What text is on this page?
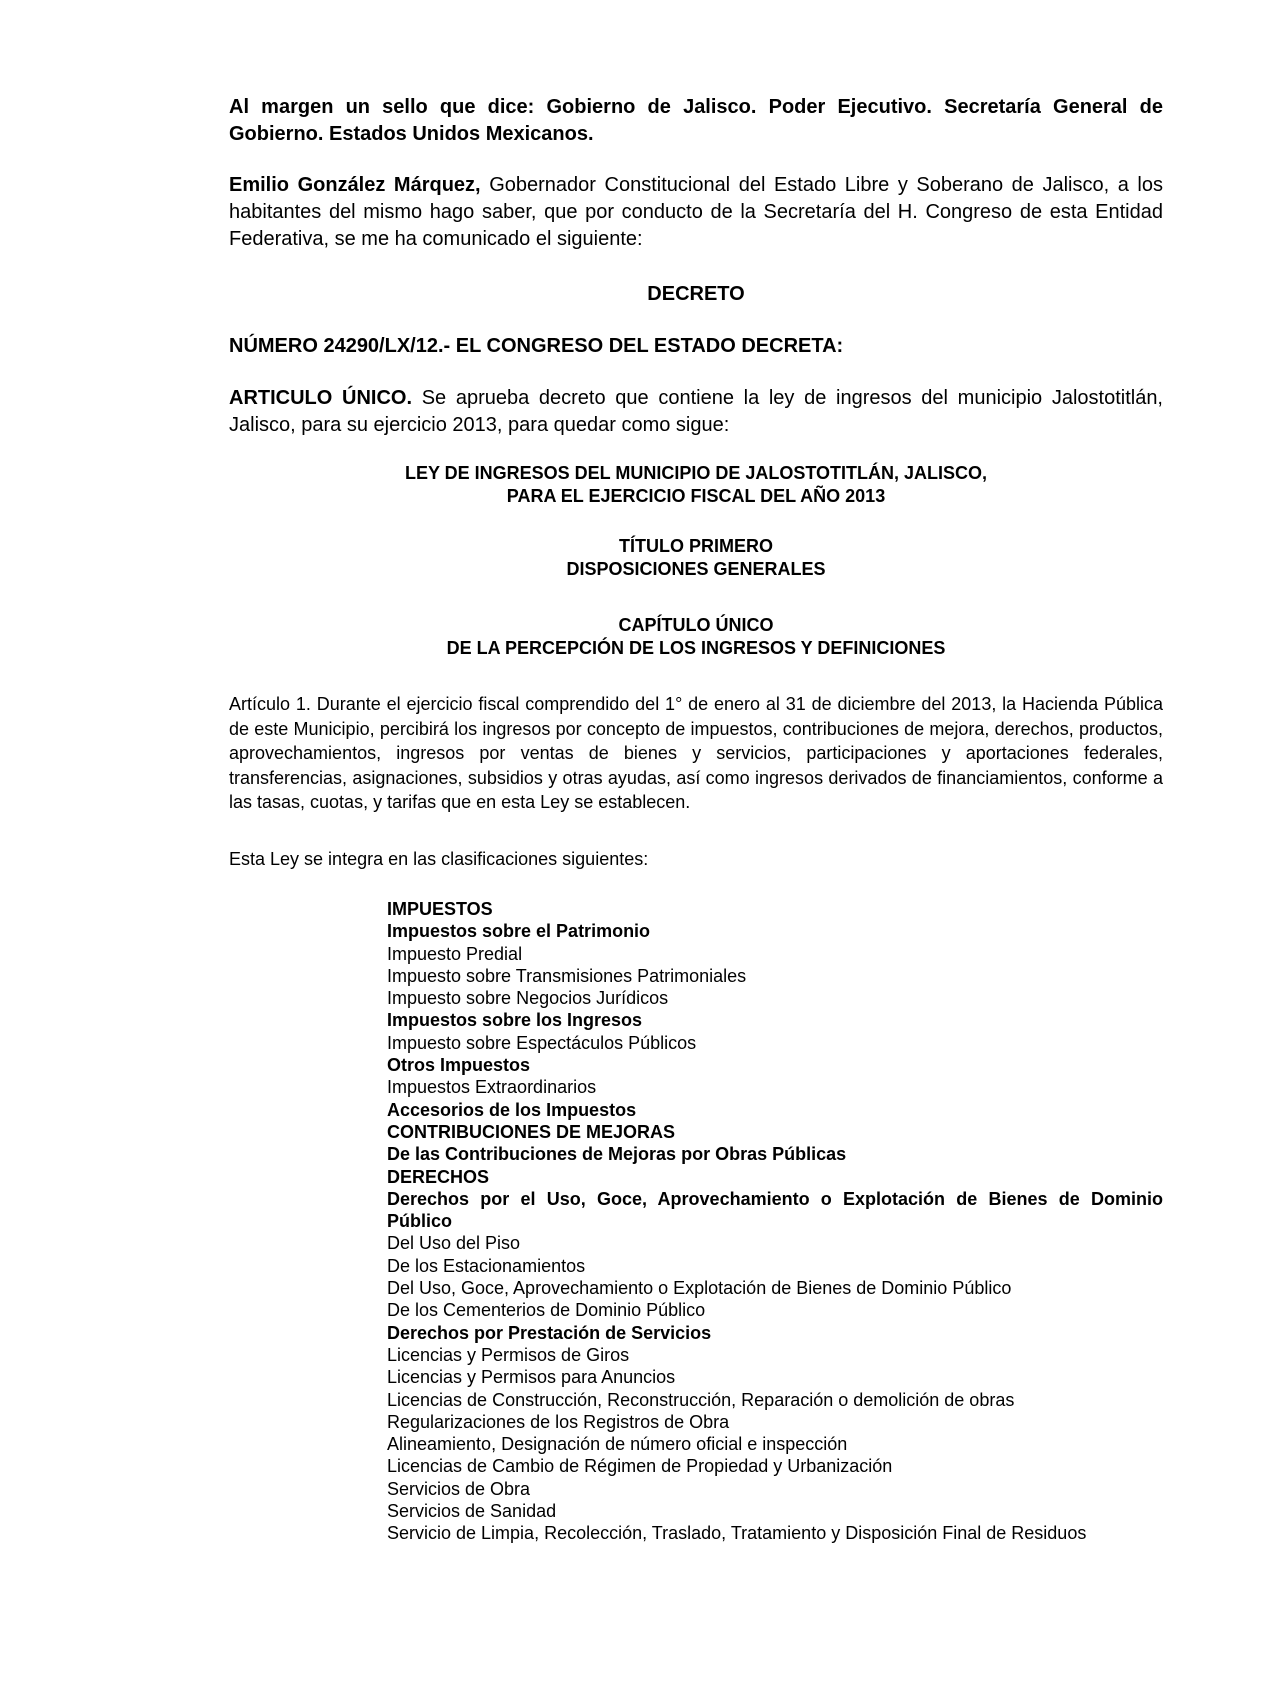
Al margen un sello que dice: Gobierno de Jalisco. Poder Ejecutivo. Secretaría General de Gobierno. Estados Unidos Mexicanos.

Emilio González Márquez, Gobernador Constitucional del Estado Libre y Soberano de Jalisco, a los habitantes del mismo hago saber, que por conducto de la Secretaría del H. Congreso de esta Entidad Federativa, se me ha comunicado el siguiente:

DECRETO

NÚMERO 24290/LX/12.- EL CONGRESO DEL ESTADO DECRETA:

ARTICULO ÚNICO. Se aprueba decreto que contiene la ley de ingresos del municipio Jalostotitlán, Jalisco, para su ejercicio 2013, para quedar como sigue:

LEY DE INGRESOS DEL MUNICIPIO DE JALOSTOTITLÁN, JALISCO,
PARA EL EJERCICIO FISCAL DEL AÑO 2013
TÍTULO PRIMERO
DISPOSICIONES GENERALES
CAPÍTULO ÚNICO
DE LA PERCEPCIÓN DE LOS INGRESOS Y DEFINICIONES

Artículo 1. Durante el ejercicio fiscal comprendido del 1° de enero al 31 de diciembre del 2013, la Hacienda Pública de este Municipio, percibirá los ingresos por concepto de impuestos, contribuciones de mejora, derechos, productos, aprovechamientos, ingresos por ventas de bienes y servicios, participaciones y aportaciones federales, transferencias, asignaciones, subsidios y otras ayudas, así como ingresos derivados de financiamientos, conforme a las tasas, cuotas, y tarifas que en esta Ley se establecen.

Esta Ley se integra en las clasificaciones siguientes:

IMPUESTOS
Impuestos sobre el Patrimonio
Impuesto Predial
Impuesto sobre Transmisiones Patrimoniales
Impuesto sobre Negocios Jurídicos
Impuestos sobre los Ingresos
Impuesto sobre Espectáculos Públicos
Otros Impuestos
Impuestos Extraordinarios
Accesorios de los Impuestos
CONTRIBUCIONES DE MEJORAS
De las Contribuciones de Mejoras por Obras Públicas
DERECHOS
Derechos por el Uso, Goce, Aprovechamiento o Explotación de Bienes de Dominio Público
Del Uso del Piso
De los Estacionamientos
Del Uso, Goce, Aprovechamiento o Explotación de Bienes de Dominio Público
De los Cementerios de Dominio Público
Derechos por Prestación de Servicios
Licencias y Permisos de Giros
Licencias y Permisos para Anuncios
Licencias de Construcción, Reconstrucción, Reparación o demolición de obras
Regularizaciones de los Registros de Obra
Alineamiento, Designación de número oficial e inspección
Licencias de Cambio de Régimen de Propiedad y Urbanización
Servicios de Obra
Servicios de Sanidad
Servicio de Limpia, Recolección, Traslado, Tratamiento y Disposición Final de Residuos
